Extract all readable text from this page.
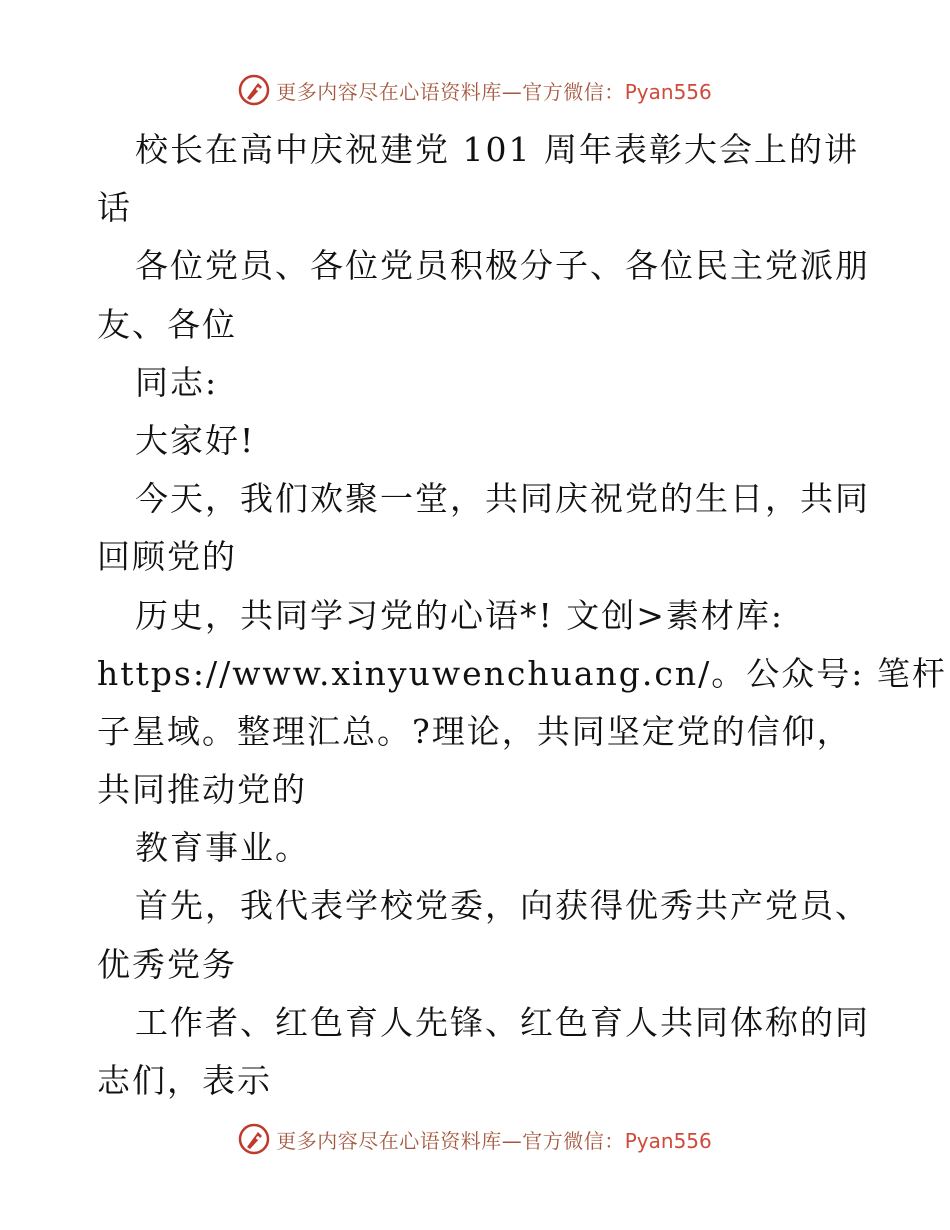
更多内容尽在心语资料库—官方微信：Pyan556
校长在高中庆祝建党 101 周年表彰大会上的讲
话
各位党员、各位党员积极分子、各位民主党派朋
友、各位
同志:
大家好!
今天，我们欢聚一堂，共同庆祝党的生日，共同
回顾党的
历史，共同学习党的心语*! 文创>素材库:
https://www.xinyuwenchuang.cn/。公众号: 笔杆
子星域。整理汇总。?理论，共同坚定党的信仰，
共同推动党的
教育事业。
首先，我代表学校党委，向获得优秀共产党员、
优秀党务
工作者、红色育人先锋、红色育人共同体称的同
志们，表示
更多内容尽在心语资料库—官方微信：Pyan556
